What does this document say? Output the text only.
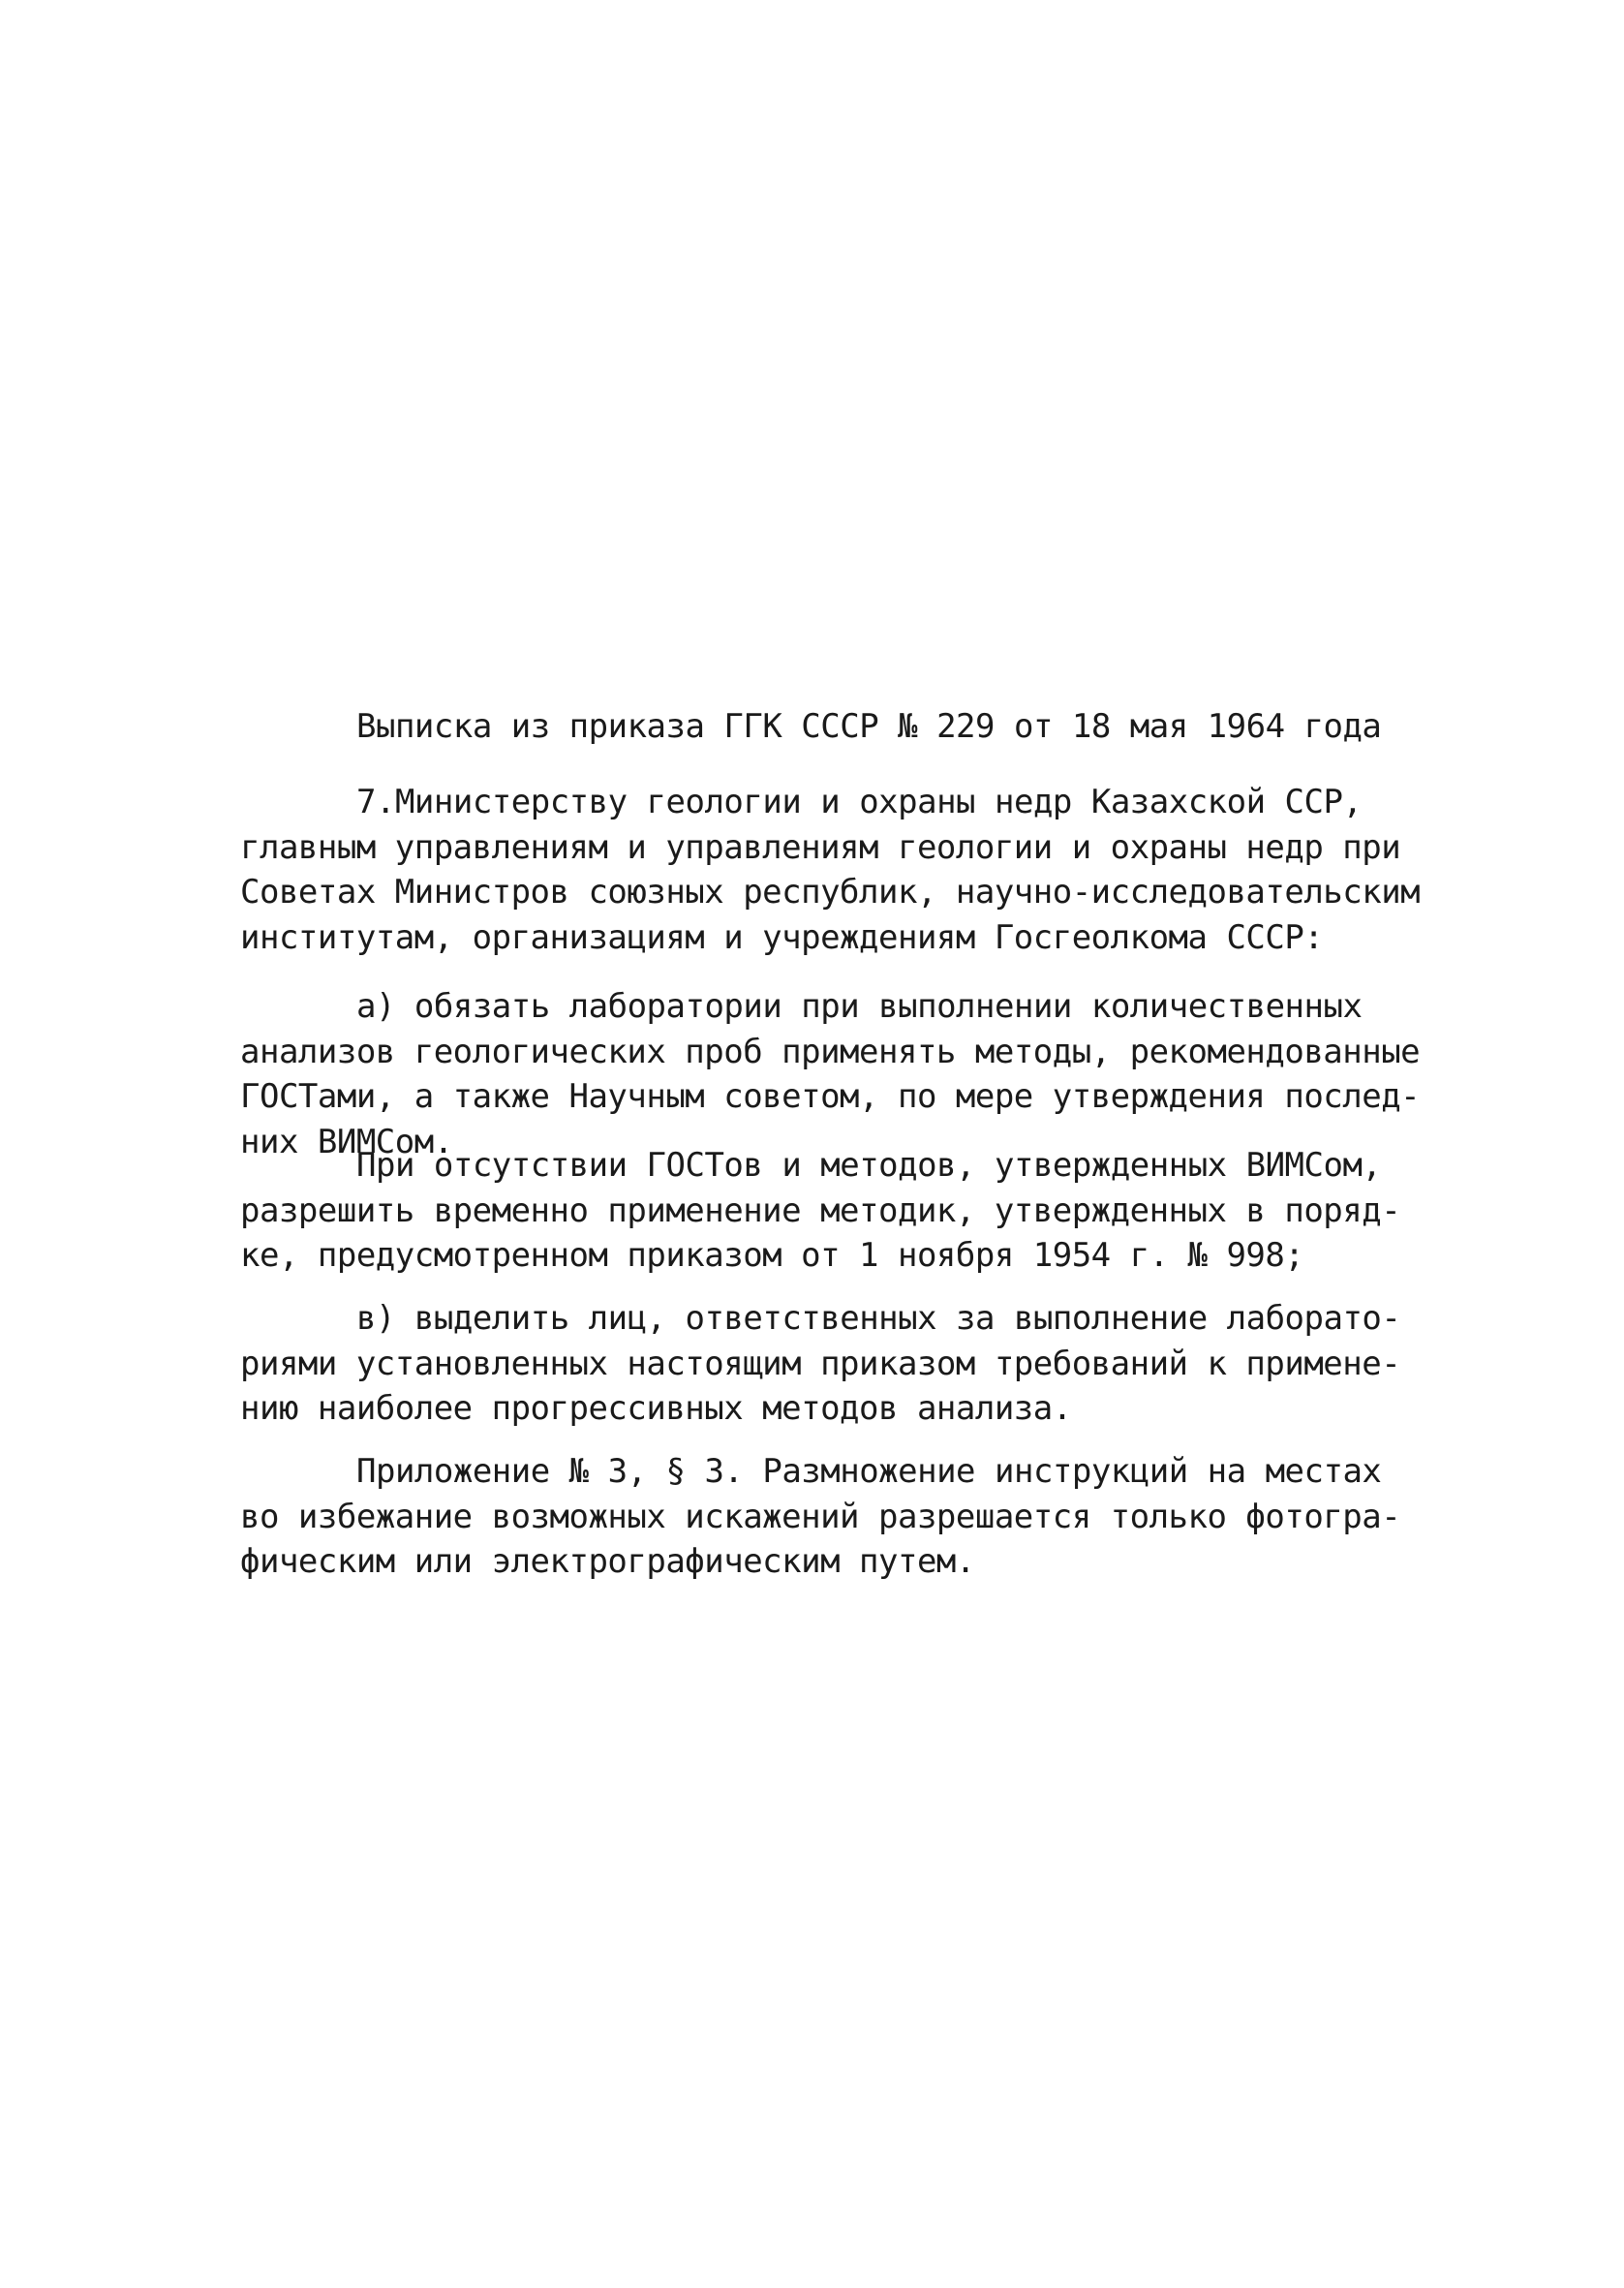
Выписка из приказа ГГК СССР № 229 от 18 мая 1964 года
7.Министерству геологии и охраны недр Казахской ССР,
главным управлениям и управлениям геологии и охраны недр при
Советах Министров союзных республик, научно-исследовательским
институтам, организациям и учреждениям Госгеолкома СССР:
а) обязать лаборатории при выполнении количественных
анализов геологических проб применять методы, рекомендованные
ГОСТами, а также Научным советом, по мере утверждения послед-
них ВИМСом.
При отсутствии ГОСТов и методов, утвержденных ВИМСом,
разрешить временно применение методик, утвержденных в поряд-
ке, предусмотренном приказом от 1 ноября 1954 г. № 998;
в) выделить лиц, ответственных за выполнение лаборато-
риями установленных настоящим приказом требований к примене-
нию наиболее прогрессивных методов анализа.
Приложение № 3, § 3. Размножение инструкций на местах
во избежание возможных искажений разрешается только фотогра-
фическим или электрографическим путем.
